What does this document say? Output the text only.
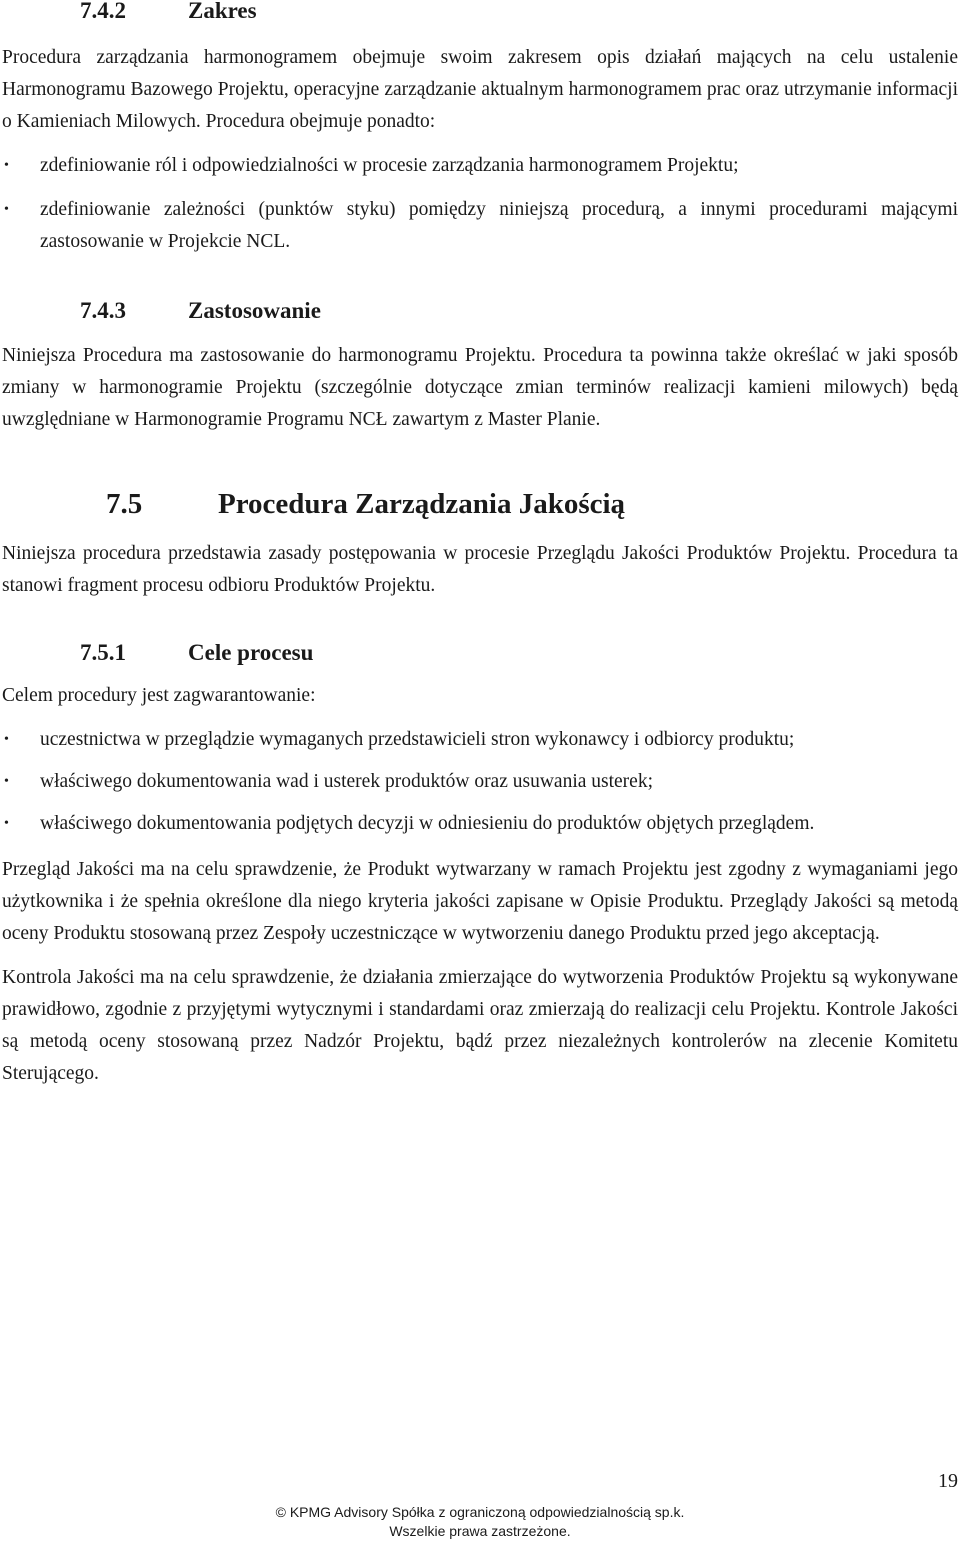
7.4.2	Zakres

Procedura zarządzania harmonogramem obejmuje swoim zakresem opis działań mających na celu ustalenie Harmonogramu Bazowego Projektu, operacyjne zarządzanie aktualnym harmonogramem prac oraz utrzymanie informacji o Kamieniach Milowych. Procedura obejmuje ponadto:

• zdefiniowanie ról i odpowiedzialności w procesie zarządzania harmonogramem Projektu;
• zdefiniowanie zależności (punktów styku) pomiędzy niniejszą procedurą, a innymi procedurami mającymi zastosowanie w Projekcie NCL.
7.4.3	Zastosowanie

Niniejsza Procedura ma zastosowanie do harmonogramu Projektu. Procedura ta powinna także określać w jaki sposób zmiany w harmonogramie Projektu (szczególnie dotyczące zmian terminów realizacji kamieni milowych) będą uwzględniane w Harmonogramie Programu NCŁ zawartym z Master Planie.

7.5	Procedura Zarządzania Jakością

Niniejsza procedura przedstawia zasady postępowania w procesie Przeglądu Jakości Produktów Projektu. Procedura ta stanowi fragment procesu odbioru Produktów Projektu.

7.5.1	Cele procesu

Celem procedury jest zagwarantowanie:

• uczestnictwa w przeglądzie wymaganych przedstawicieli stron wykonawcy i odbiorcy produktu;
• właściwego dokumentowania wad i usterek produktów oraz usuwania usterek;
• właściwego dokumentowania podjętych decyzji w odniesieniu do produktów objętych przeglądem.

Przegląd Jakości ma na celu sprawdzenie, że Produkt wytwarzany w ramach Projektu jest zgodny z wymaganiami jego użytkownika i że spełnia określone dla niego kryteria jakości zapisane w Opisie Produktu. Przeglądy Jakości są metodą oceny Produktu stosowaną przez Zespoły uczestniczące w wytworzeniu danego Produktu przed jego akceptacją.

Kontrola Jakości ma na celu sprawdzenie, że działania zmierzające do wytworzenia Produktów Projektu są wykonywane prawidłowo, zgodnie z przyjętymi wytycznymi i standardami oraz zmierzają do realizacji celu Projektu. Kontrole Jakości są metodą oceny stosowaną przez Nadzór Projektu, bądź przez niezależnych kontrolerów na zlecenie Komitetu Sterującego.

19
© KPMG Advisory Spółka z ograniczoną odpowiedzialnością sp.k.
Wszelkie prawa zastrzeżone.
